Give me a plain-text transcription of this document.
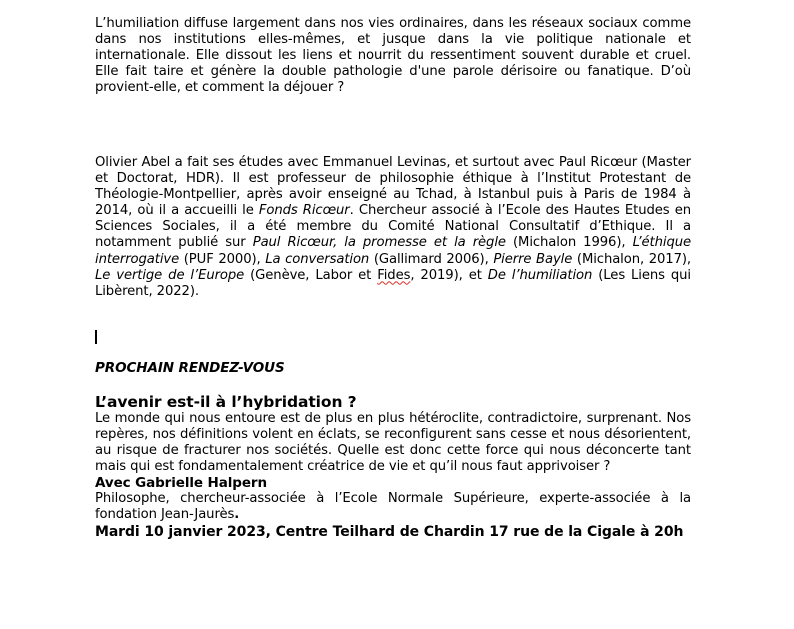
L’humiliation diffuse largement dans nos vies ordinaires, dans les réseaux sociaux comme dans nos institutions elles-mêmes, et jusque dans la vie politique nationale et internationale. Elle dissout les liens et nourrit du ressentiment souvent durable et cruel. Elle fait taire et génère la double pathologie d'une parole dérisoire ou fanatique. D’où provient-elle, et comment la déjouer ?

Olivier Abel a fait ses études avec Emmanuel Levinas, et surtout avec Paul Ricœur (Master et Doctorat, HDR). Il est professeur de philosophie éthique à l’Institut Protestant de Théologie-Montpellier, après avoir enseigné au Tchad, à Istanbul puis à Paris de 1984 à 2014, où il a accueilli le Fonds Ricœur. Chercheur associé à l’Ecole des Hautes Etudes en Sciences Sociales, il a été membre du Comité National Consultatif d’Ethique. Il a notamment publié sur Paul Ricœur, la promesse et la règle (Michalon 1996), L’éthique interrogative (PUF 2000), La conversation (Gallimard 2006), Pierre Bayle (Michalon, 2017), Le vertige de l’Europe (Genève, Labor et Fides, 2019), et De l’humiliation (Les Liens qui Libèrent, 2022).

PROCHAIN RENDEZ-VOUS

L’avenir est-il à l’hybridation ?

Le monde qui nous entoure est de plus en plus hétéroclite, contradictoire, surprenant. Nos repères, nos définitions volent en éclats, se reconfigurent sans cesse et nous désorientent, au risque de fracturer nos sociétés. Quelle est donc cette force qui nous déconcerte tant mais qui est fondamentalement créatrice de vie et qu’il nous faut apprivoiser ?

Avec Gabrielle Halpern

Philosophe, chercheur-associée à l’Ecole Normale Supérieure, experte-associée à la fondation Jean-Jaurès.

Mardi 10 janvier 2023, Centre Teilhard de Chardin 17 rue de la Cigale à 20h
